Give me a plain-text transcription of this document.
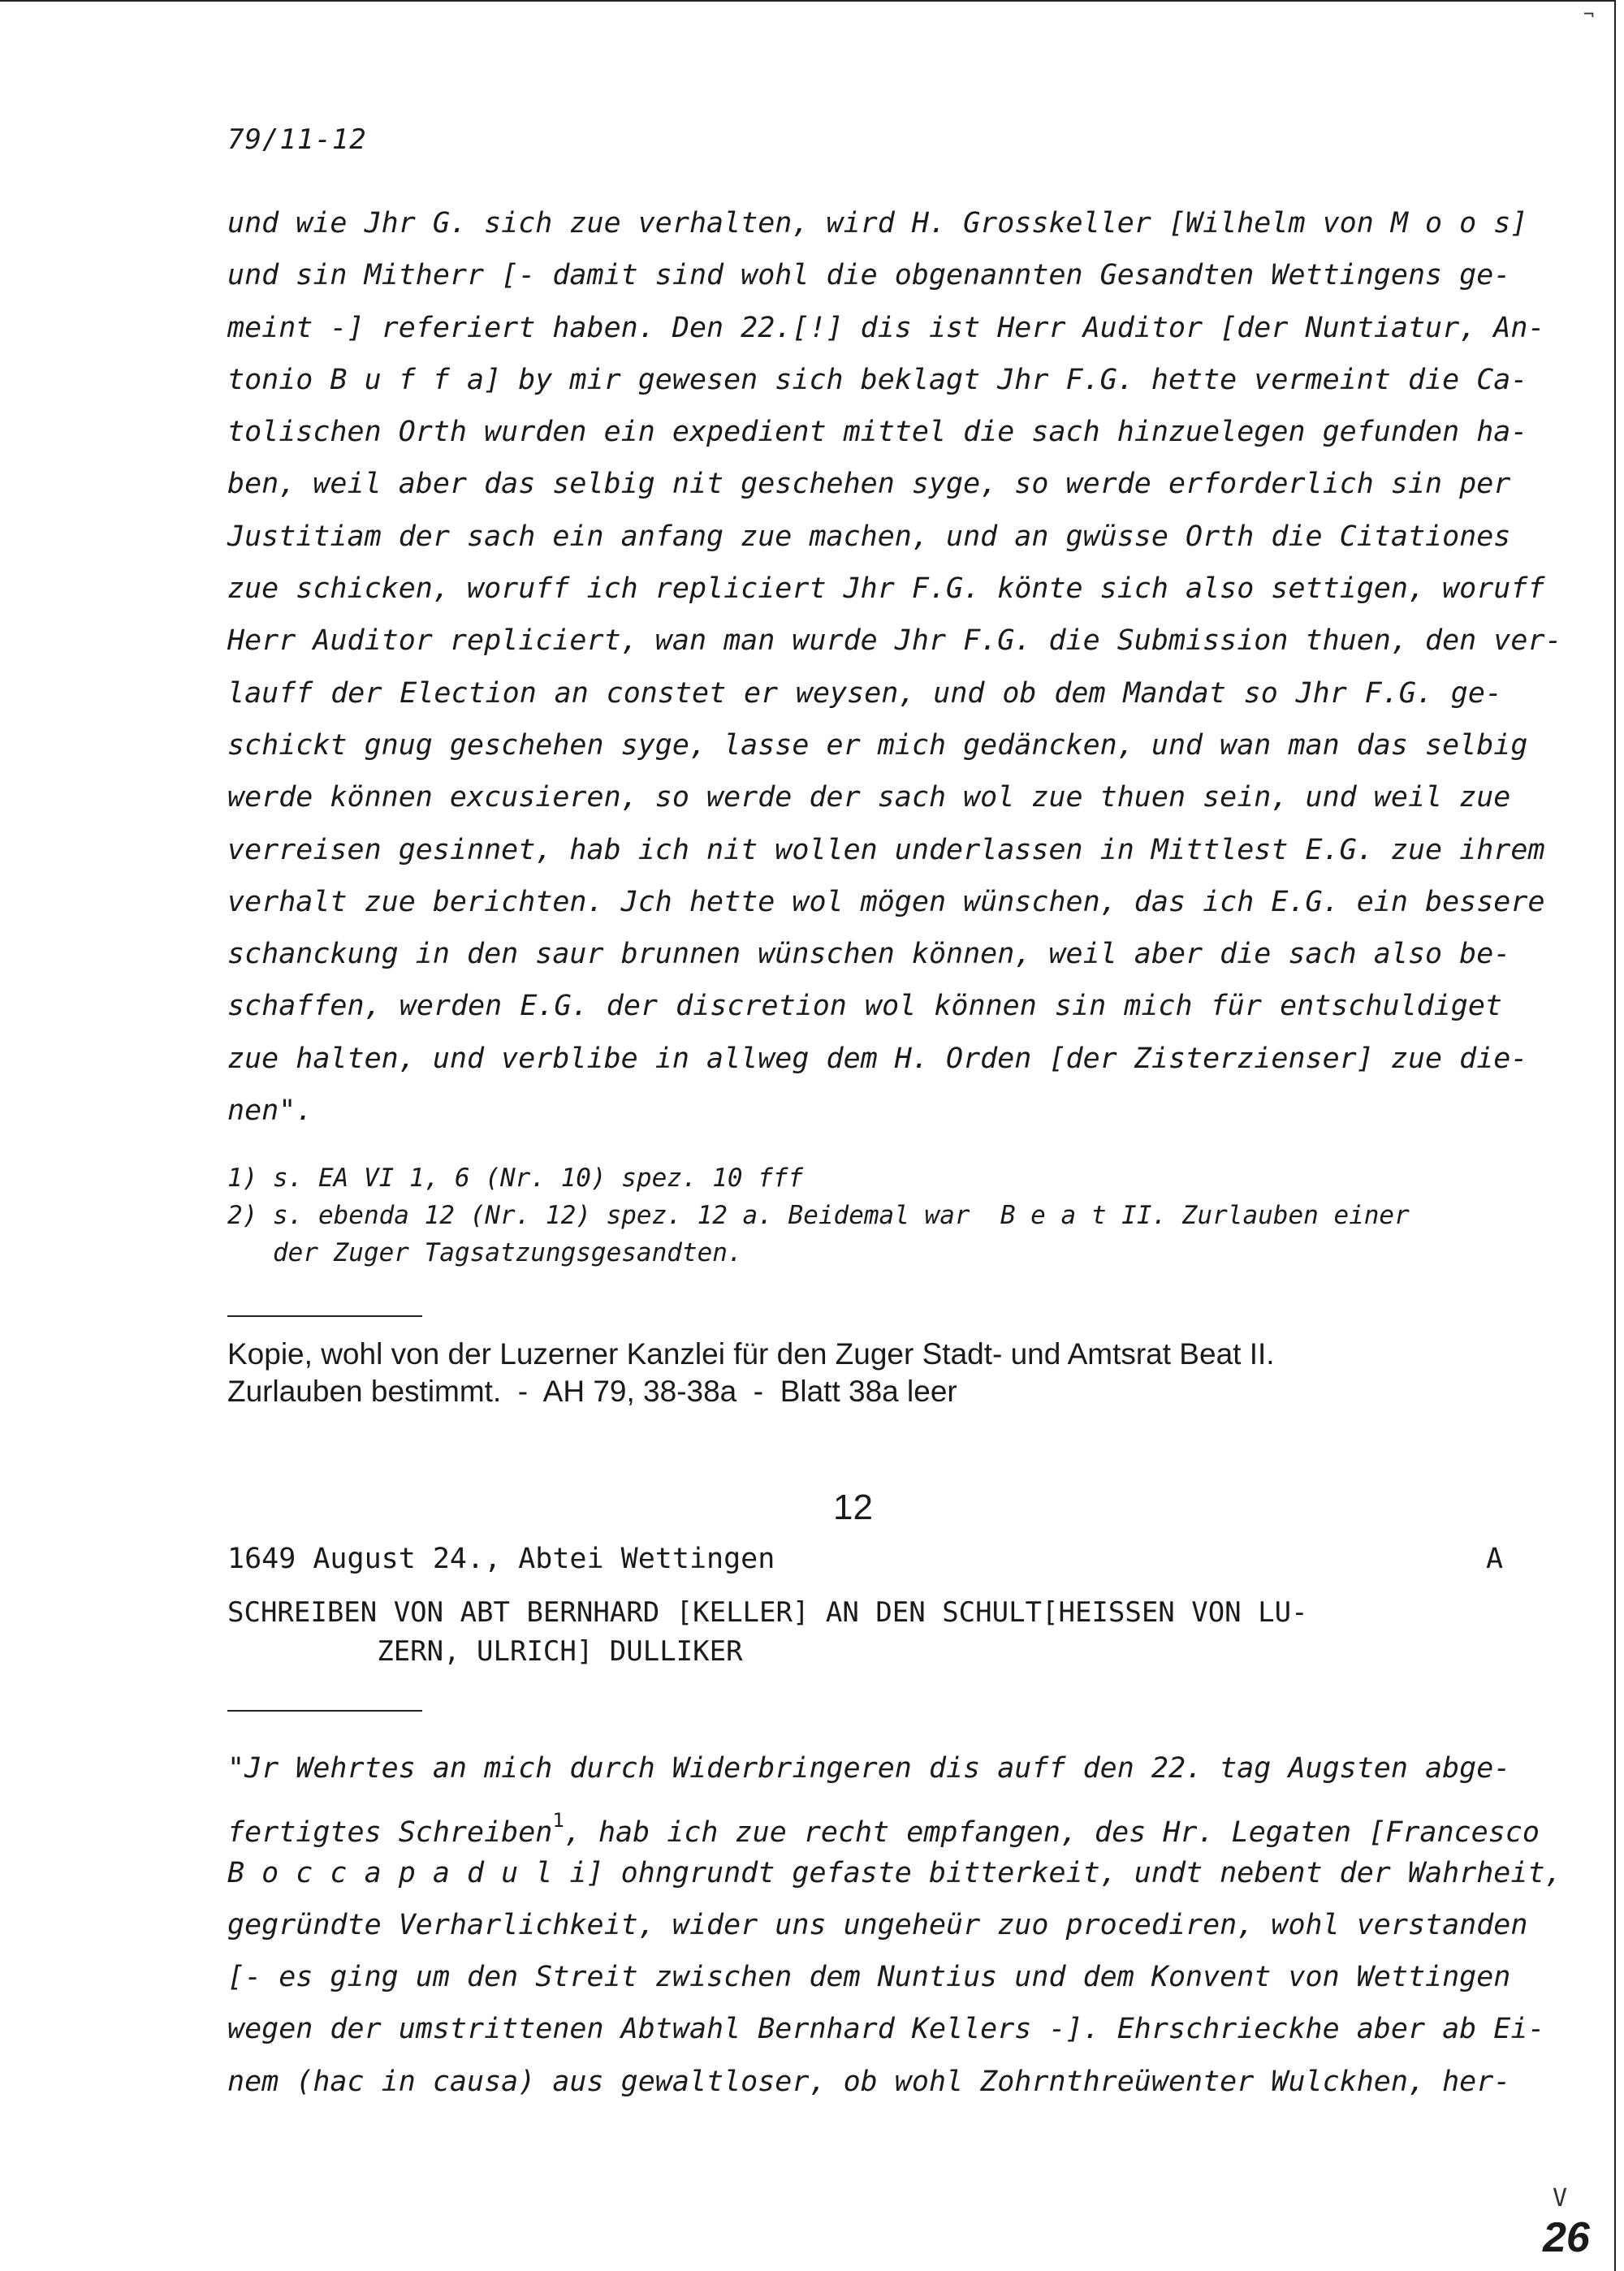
¬
79/11-12
und wie Jhr G. sich zue verhalten, wird H. Grosskeller [Wilhelm von M o o s]
und sin Mitherr [- damit sind wohl die obgenannten Gesandten Wettingens ge-
meint -] referiert haben. Den 22.[!] dis ist Herr Auditor [der Nuntiatur, An-
tonio B u f f a] by mir gewesen sich beklagt Jhr F.G. hette vermeint die Ca-
tolischen Orth wurden ein expedient mittel die sach hinzuelegen gefunden ha-
ben, weil aber das selbig nit geschehen syge, so werde erforderlich sin per
Justitiam der sach ein anfang zue machen, und an gwüsse Orth die Citationes
zue schicken, woruff ich repliciert Jhr F.G. könte sich also settigen, woruff
Herr Auditor repliciert, wan man wurde Jhr F.G. die Submission thuen, den ver-
lauff der Election an constet er weysen, und ob dem Mandat so Jhr F.G. ge-
schickt gnug geschehen syge, lasse er mich gedäncken, und wan man das selbig
werde können excusieren, so werde der sach wol zue thuen sein, und weil zue
verreisen gesinnet, hab ich nit wollen underlassen in Mittlest E.G. zue ihrem
verhalt zue berichten. Jch hette wol mögen wünschen, das ich E.G. ein bessere
schanckung in den saur brunnen wünschen können, weil aber die sach also be-
schaffen, werden E.G. der discretion wol können sin mich für entschuldiget
zue halten, und verblibe in allweg dem H. Orden [der Zisterzienser] zue die-
nen".
1) s. EA VI 1, 6 (Nr. 10) spez. 10 fff
2) s. ebenda 12 (Nr. 12) spez. 12 a. Beidemal war  B e a t II. Zurlauben einer
der Zuger Tagsatzungsgesandten.
Kopie, wohl von der Luzerner Kanzlei für den Zuger Stadt- und Amtsrat Beat II.
Zurlauben bestimmt.  -  AH 79, 38-38a  -  Blatt 38a leer
12
1649 August 24., Abtei Wettingen	A
SCHREIBEN VON ABT BERNHARD [KELLER] AN DEN SCHULT[HEISSEN VON LU-
ZERN, ULRICH] DULLIKER
"Jr Wehrtes an mich durch Widerbringeren dis auff den 22. tag Augsten abge-
fertigtes Schreiben$^1$, hab ich zue recht empfangen, des Hr. Legaten [Francesco
B o c c a p a d u l i] ohngrundt gefaste bitterkeit, undt nebent der Wahrheit,
gegründte Verharlichkeit, wider uns ungeheür zuo procediren, wohl verstanden
[- es ging um den Streit zwischen dem Nuntius und dem Konvent von Wettingen
wegen der umstrittenen Abtwahl Bernhard Kellers -]. Ehrschrieckhe aber ab Ei-
nem (hac in causa) aus gewaltloser, ob wohl Zohrnthreüwenter Wulckhen, her-
V
26
